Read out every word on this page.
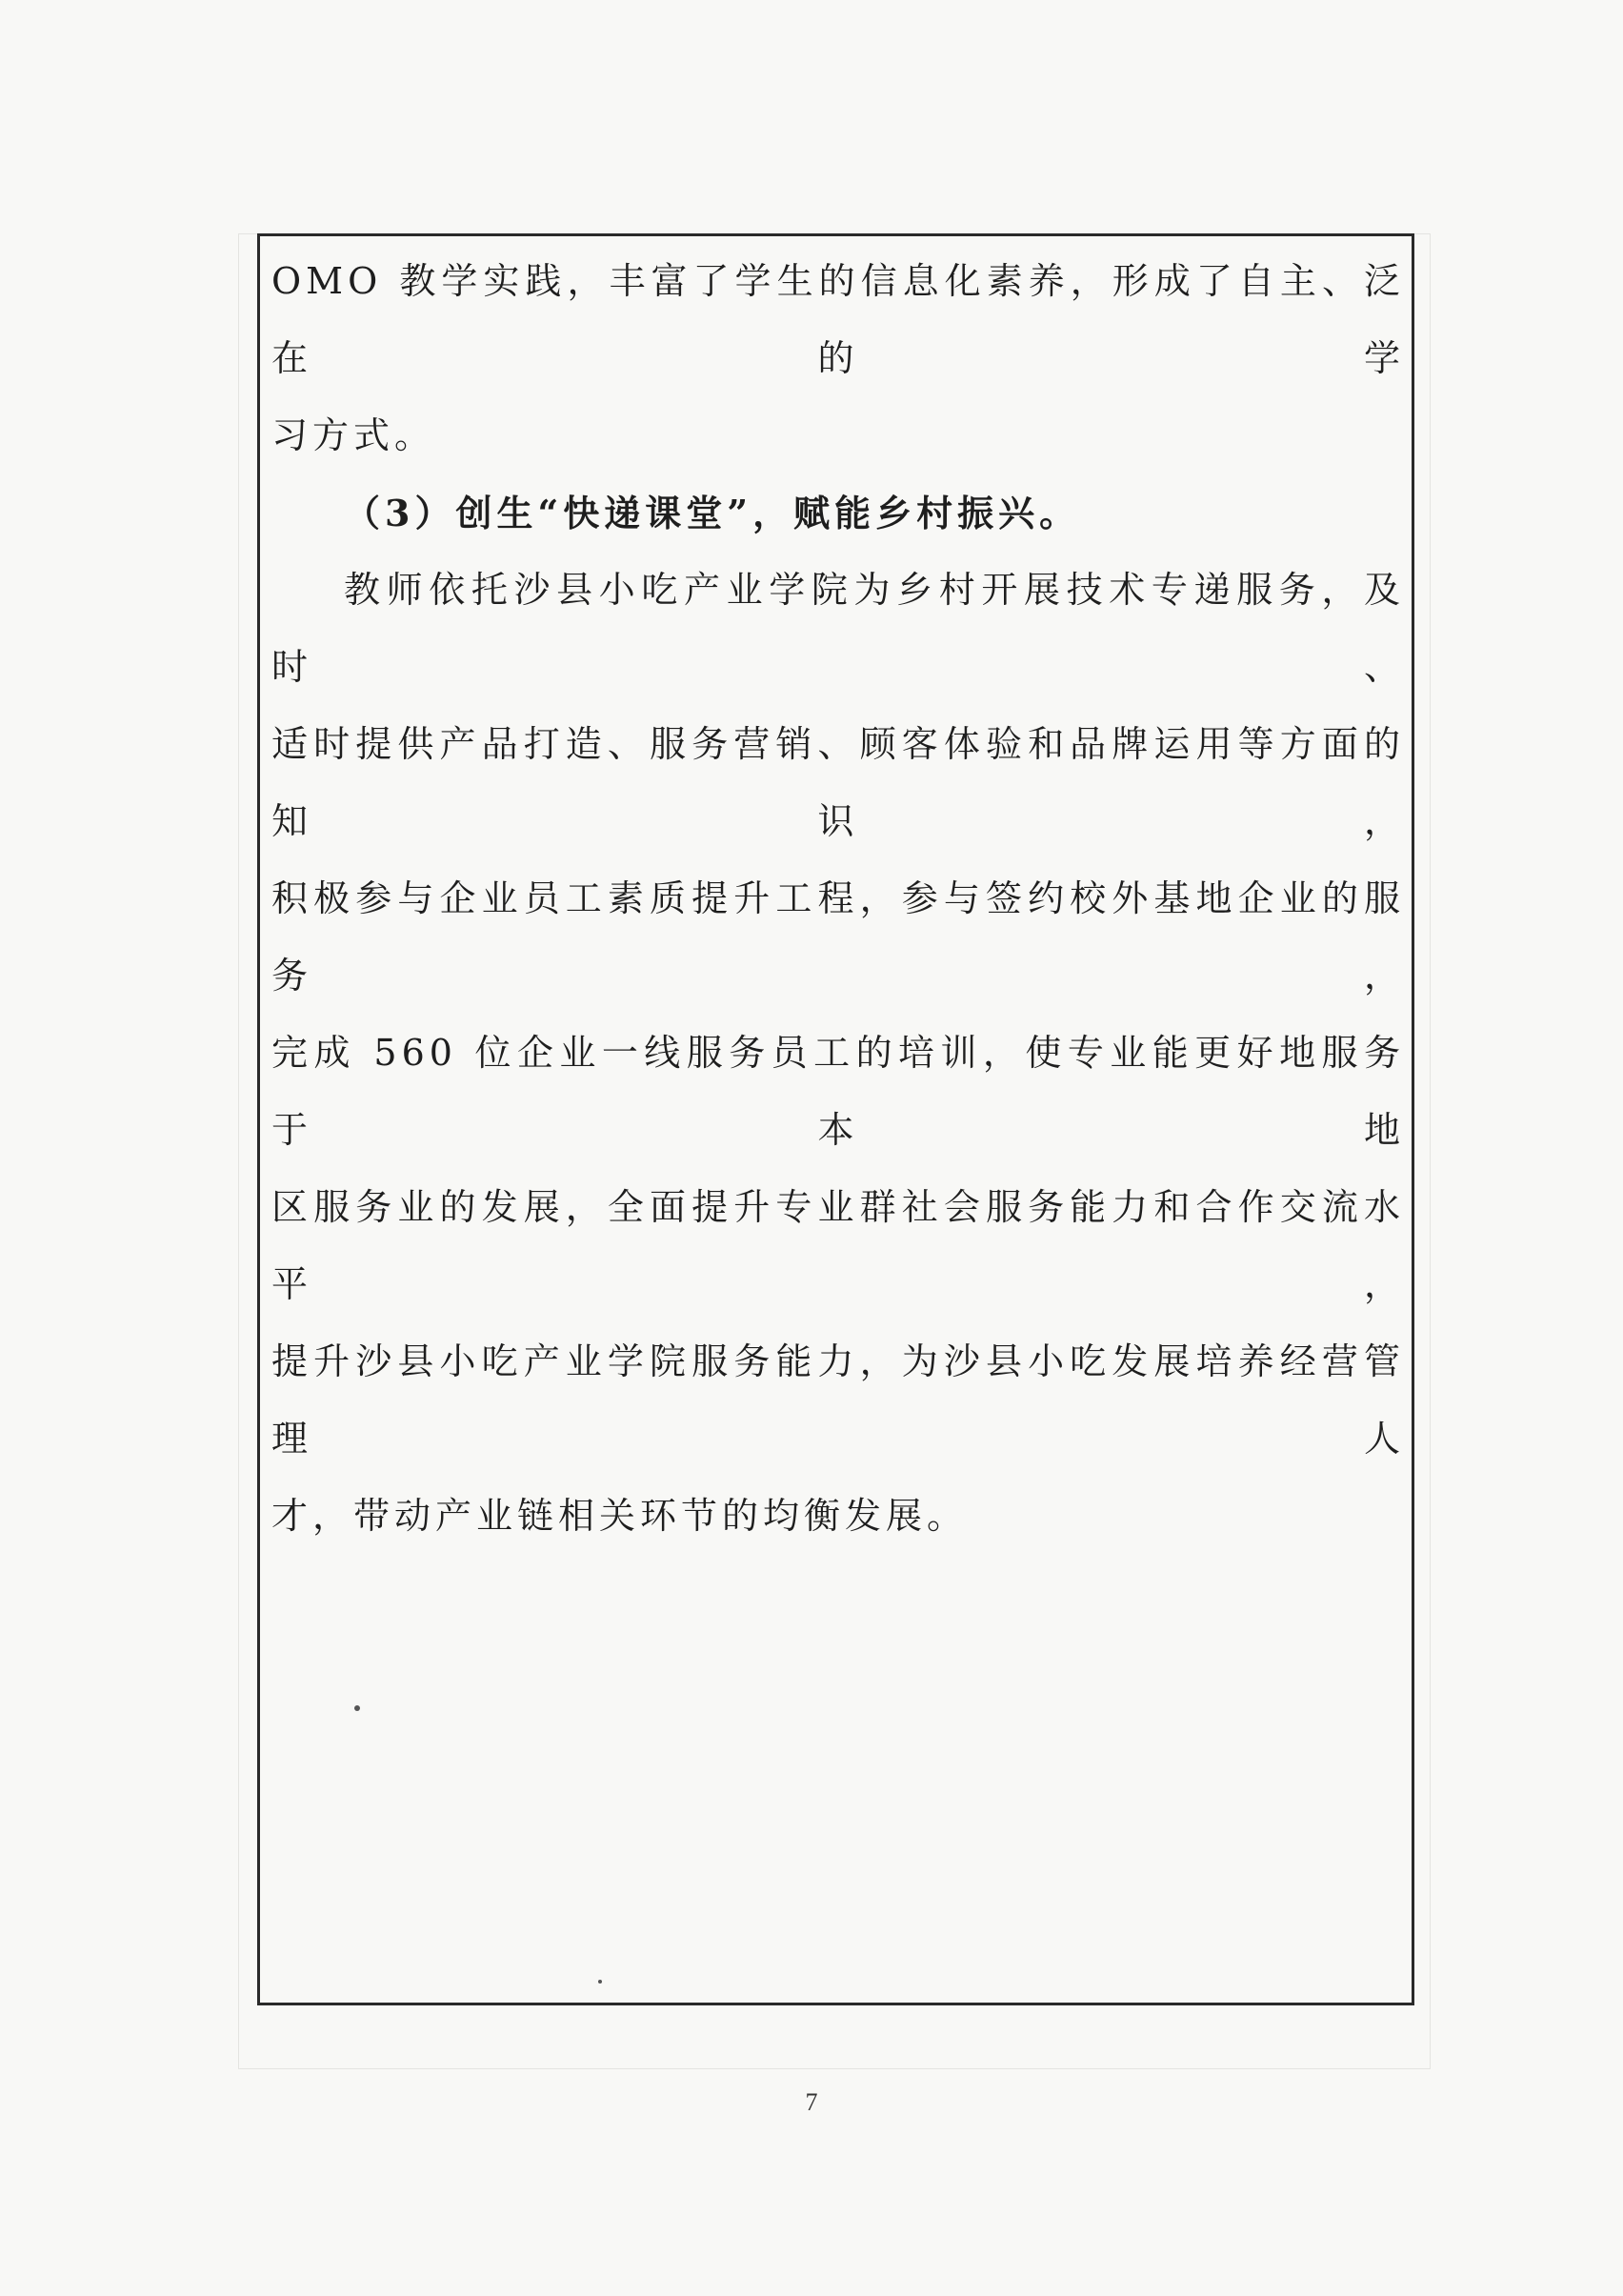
OMO 教学实践，丰富了学生的信息化素养，形成了自主、泛在的学

习方式。

（3）创生“快递课堂”，赋能乡村振兴。

教师依托沙县小吃产业学院为乡村开展技术专递服务，及时、

适时提供产品打造、服务营销、顾客体验和品牌运用等方面的知识，

积极参与企业员工素质提升工程，参与签约校外基地企业的服务，

完成 560 位企业一线服务员工的培训，使专业能更好地服务于本地

区服务业的发展，全面提升专业群社会服务能力和合作交流水平，

提升沙县小吃产业学院服务能力，为沙县小吃发展培养经营管理人

才，带动产业链相关环节的均衡发展。

7
